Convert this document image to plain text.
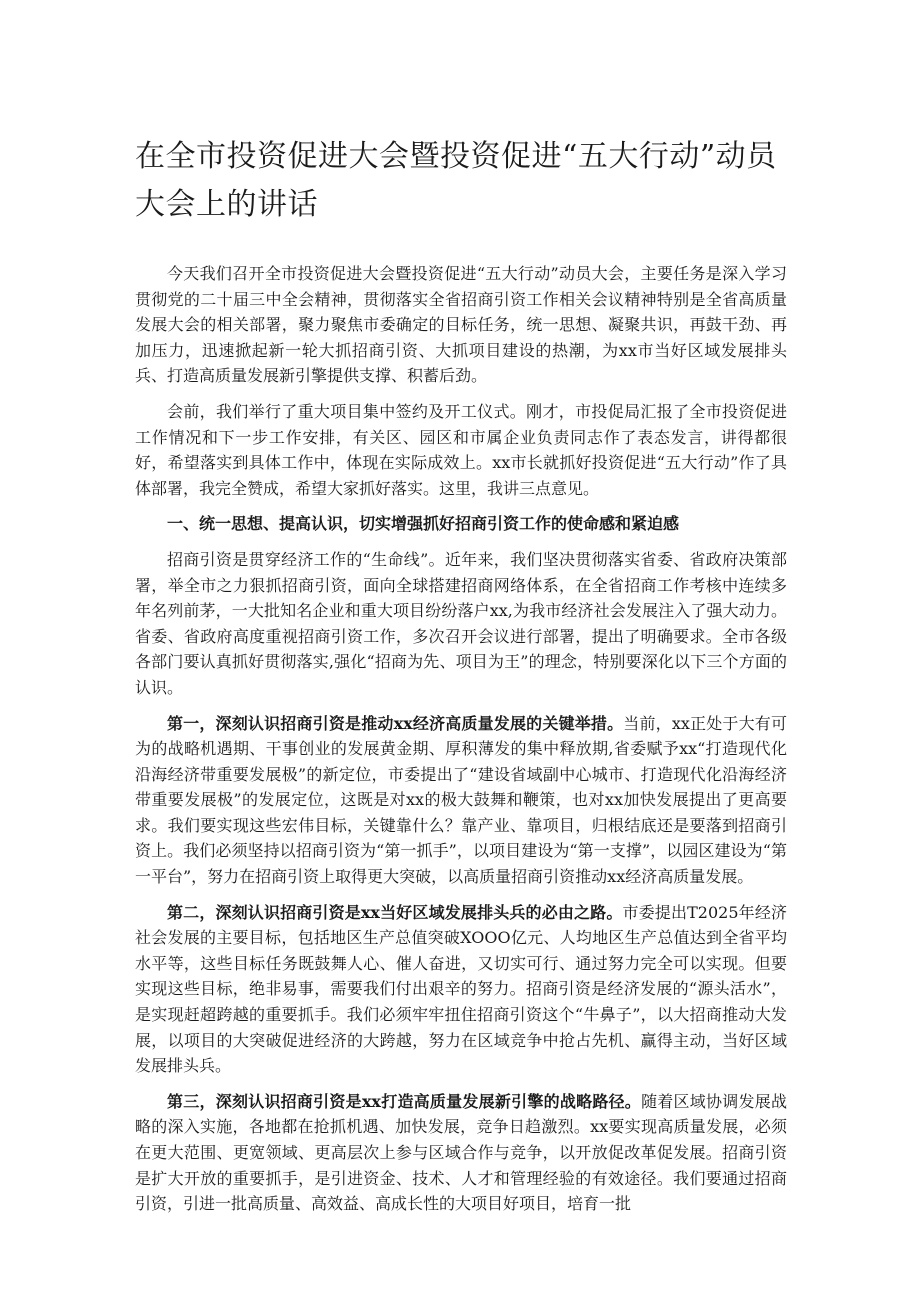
在全市投资促进大会暨投资促进“五大行动”动员大会上的讲话

今天我们召开全市投资促进大会暨投资促进“五大行动”动员大会，主要任务是深入学习贯彻党的二十届三中全会精神，贯彻落实全省招商引资工作相关会议精神特别是全省高质量发展大会的相关部署，聚力聚焦市委确定的目标任务，统一思想、凝聚共识，再鼓干劲、再加压力，迅速掀起新一轮大抓招商引资、大抓项目建设的热潮，为xx市当好区域发展排头兵、打造高质量发展新引擎提供支撑、积蓄后劲。

会前，我们举行了重大项目集中签约及开工仪式。刚才，市投促局汇报了全市投资促进工作情况和下一步工作安排，有关区、园区和市属企业负责同志作了表态发言，讲得都很好，希望落实到具体工作中，体现在实际成效上。xx市长就抓好投资促进“五大行动”作了具体部署，我完全赞成，希望大家抓好落实。这里，我讲三点意见。

一、统一思想、提高认识，切实增强抓好招商引资工作的使命感和紧迫感

招商引资是贯穿经济工作的“生命线”。近年来，我们坚决贯彻落实省委、省政府决策部署，举全市之力狠抓招商引资，面向全球搭建招商网络体系，在全省招商工作考核中连续多年名列前茅，一大批知名企业和重大项目纷纷落户xx,为我市经济社会发展注入了强大动力。省委、省政府高度重视招商引资工作，多次召开会议进行部署，提出了明确要求。全市各级各部门要认真抓好贯彻落实,强化“招商为先、项目为王”的理念，特别要深化以下三个方面的认识。

第一，深刻认识招商引资是推动xx经济高质量发展的关键举措。当前，xx正处于大有可为的战略机遇期、干事创业的发展黄金期、厚积薄发的集中释放期,省委赋予xx“打造现代化沿海经济带重要发展极”的新定位，市委提出了“建设省域副中心城市、打造现代化沿海经济带重要发展极”的发展定位，这既是对xx的极大鼓舞和鞭策，也对xx加快发展提出了更高要求。我们要实现这些宏伟目标，关键靠什么？靠产业、靠项目，归根结底还是要落到招商引资上。我们必须坚持以招商引资为“第一抓手”，以项目建设为“第一支撑”，以园区建设为“第一平台”，努力在招商引资上取得更大突破，以高质量招商引资推动xx经济高质量发展。

第二，深刻认识招商引资是xx当好区域发展排头兵的必由之路。市委提出T2025年经济社会发展的主要目标，包括地区生产总值突破XOOO亿元、人均地区生产总值达到全省平均水平等，这些目标任务既鼓舞人心、催人奋进，又切实可行、通过努力完全可以实现。但要实现这些目标，绝非易事，需要我们付出艰辛的努力。招商引资是经济发展的“源头活水”，是实现赶超跨越的重要抓手。我们必须牢牢扭住招商引资这个“牛鼻子”，以大招商推动大发展，以项目的大突破促进经济的大跨越，努力在区域竞争中抢占先机、赢得主动，当好区域发展排头兵。

第三，深刻认识招商引资是xx打造高质量发展新引擎的战略路径。随着区域协调发展战略的深入实施，各地都在抢抓机遇、加快发展，竞争日趋激烈。xx要实现高质量发展，必须在更大范围、更宽领域、更高层次上参与区域合作与竞争，以开放促改革促发展。招商引资是扩大开放的重要抓手，是引进资金、技术、人才和管理经验的有效途径。我们要通过招商引资，引进一批高质量、高效益、高成长性的大项目好项目，培育一批
